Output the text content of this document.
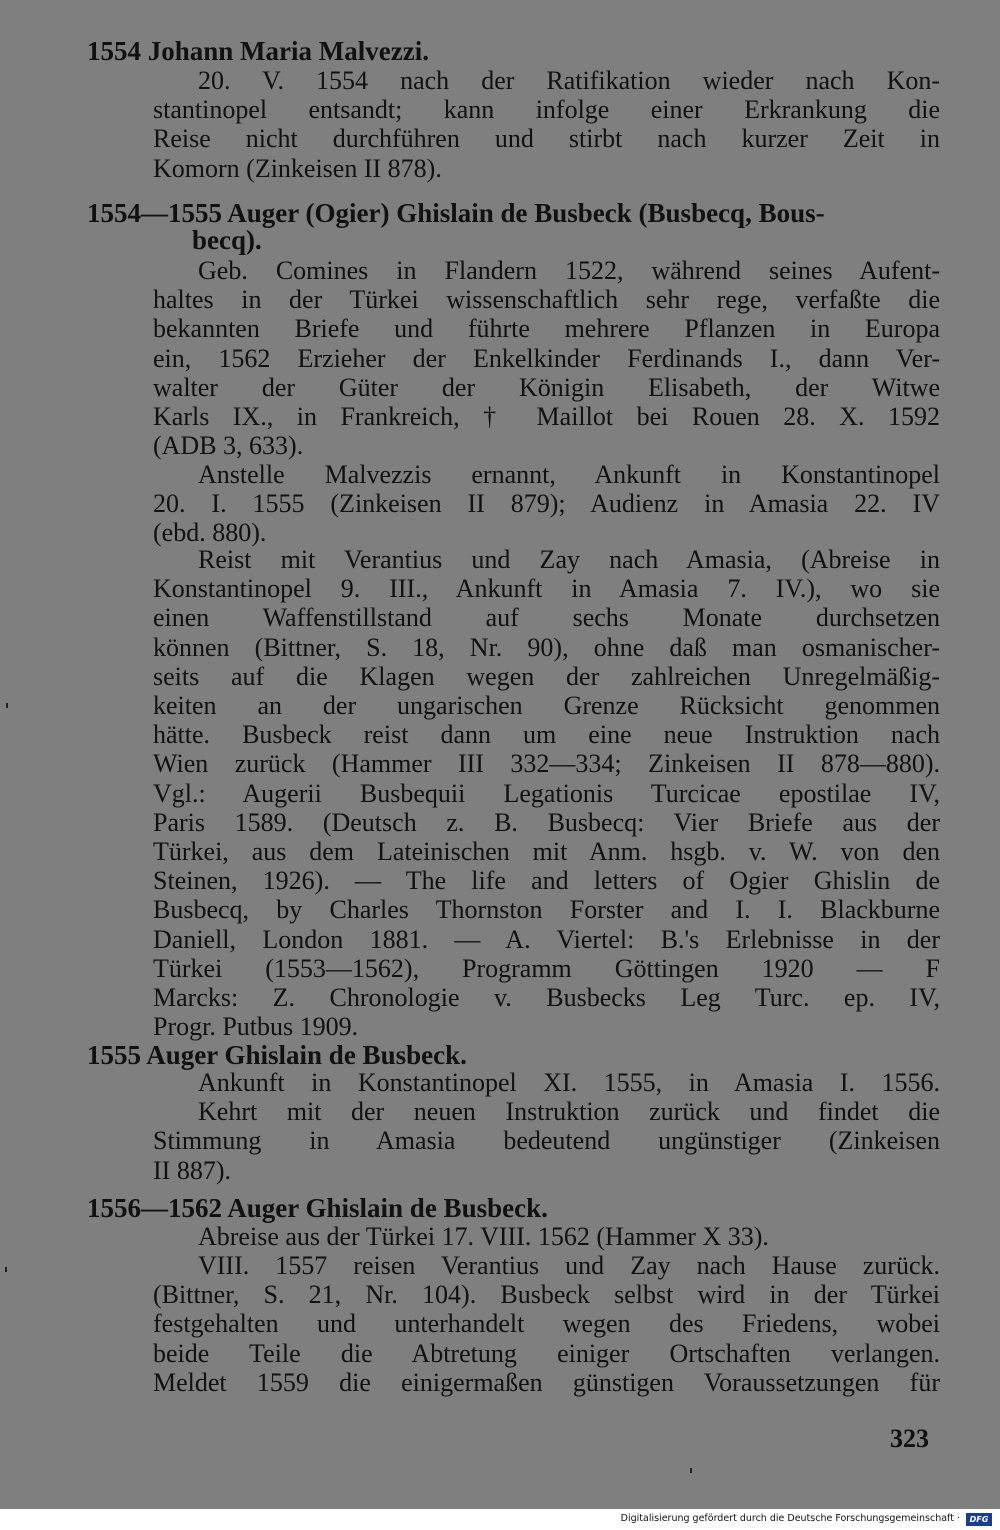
1554 Johann Maria Malvezzi.
20. V. 1554 nach der Ratifikation wieder nach Kon-
stantinopel entsandt; kann infolge einer Erkrankung die
Reise nicht durchführen und stirbt nach kurzer Zeit in
Komorn (Zinkeisen II 878).
1554—1555 Auger (Ogier) Ghislain de Busbeck (Busbecq, Bous-
becq).
Geb. Comines in Flandern 1522, während seines Aufent-
haltes in der Türkei wissenschaftlich sehr rege, verfaßte die
bekannten Briefe und führte mehrere Pflanzen in Europa
ein, 1562 Erzieher der Enkelkinder Ferdinands I., dann Ver-
walter der Güter der Königin Elisabeth, der Witwe
Karls IX., in Frankreich, † Maillot bei Rouen 28. X. 1592
(ADB 3, 633).
Anstelle Malvezzis ernannt, Ankunft in Konstantinopel
20. I. 1555 (Zinkeisen II 879); Audienz in Amasia 22. IV
(ebd. 880).
Reist mit Verantius und Zay nach Amasia, (Abreise in
Konstantinopel 9. III., Ankunft in Amasia 7. IV.), wo sie
einen Waffenstillstand auf sechs Monate durchsetzen
können (Bittner, S. 18, Nr. 90), ohne daß man osmanischer-
seits auf die Klagen wegen der zahlreichen Unregelmäßig-
keiten an der ungarischen Grenze Rücksicht genommen
hätte. Busbeck reist dann um eine neue Instruktion nach
Wien zurück (Hammer III 332—334; Zinkeisen II 878—880).
Vgl.: Augerii Busbequii Legationis Turcicae epostilae IV,
Paris 1589. (Deutsch z. B. Busbecq: Vier Briefe aus der
Türkei, aus dem Lateinischen mit Anm. hsgb. v. W. von den
Steinen, 1926). — The life and letters of Ogier Ghislin de
Busbecq, by Charles Thornston Forster and I. I. Blackburne
Daniell, London 1881. — A. Viertel: B.'s Erlebnisse in der
Türkei (1553—1562), Programm Göttingen 1920 — F
Marcks: Z. Chronologie v. Busbecks Leg Turc. ep. IV,
Progr. Putbus 1909.
1555 Auger Ghislain de Busbeck.
Ankunft in Konstantinopel XI. 1555, in Amasia I. 1556.
Kehrt mit der neuen Instruktion zurück und findet die
Stimmung in Amasia bedeutend ungünstiger (Zinkeisen
II 887).
1556—1562 Auger Ghislain de Busbeck.
Abreise aus der Türkei 17. VIII. 1562 (Hammer X 33).
VIII. 1557 reisen Verantius und Zay nach Hause zurück.
(Bittner, S. 21, Nr. 104). Busbeck selbst wird in der Türkei
festgehalten und unterhandelt wegen des Friedens, wobei
beide Teile die Abtretung einiger Ortschaften verlangen.
Meldet 1559 die einigermaßen günstigen Voraussetzungen für
323
Digitalisierung gefördert durch die Deutsche Forschungsgemeinschaft ·	DFG
